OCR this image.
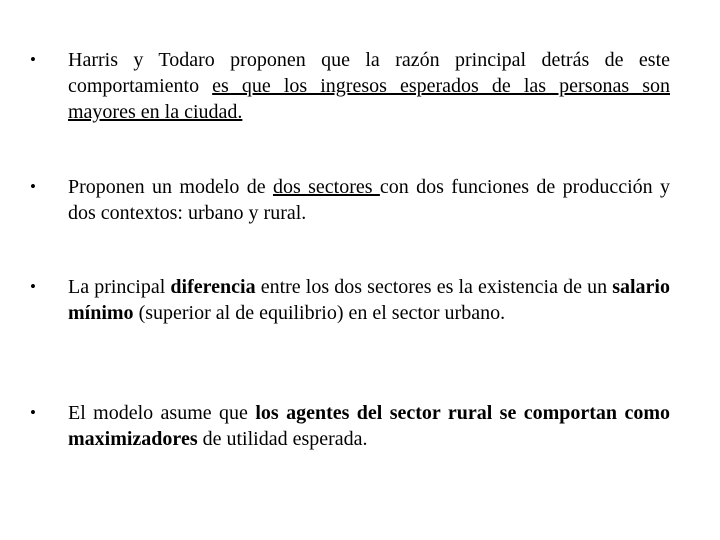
•	Harris y Todaro proponen que la razón principal detrás de este comportamiento es que los ingresos esperados de las personas son mayores en la ciudad.
•	Proponen un modelo de dos sectores con dos funciones de producción y dos contextos: urbano y rural.
•	La principal diferencia entre los dos sectores es la existencia de un salario mínimo (superior al de equilibrio) en el sector urbano.
•	El modelo asume que los agentes del sector rural se comportan como maximizadores de utilidad esperada.
